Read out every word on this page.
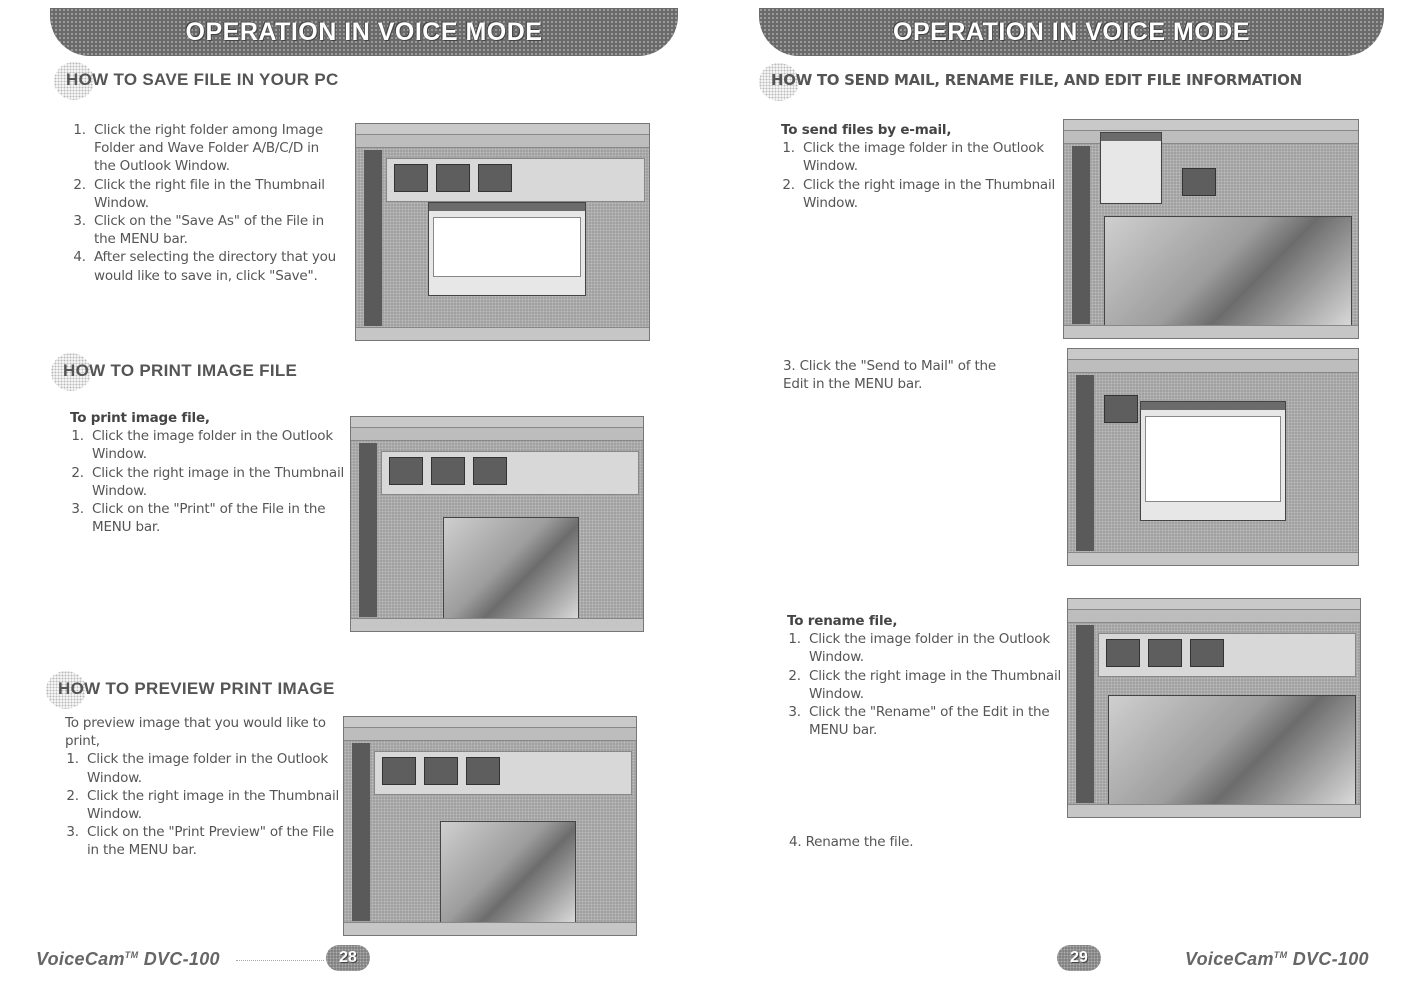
OPERATION IN VOICE MODE
HOW TO SAVE FILE IN YOUR PC
1. Click the right folder among Image Folder and Wave Folder A/B/C/D in the Outlook Window.
2. Click the right file in the Thumbnail Window.
3. Click on the "Save As" of the File in the MENU bar.
4. After selecting the directory that you would like to save in, click "Save".
HOW TO PRINT IMAGE FILE
To print image file,
1. Click the image folder in the Outlook Window.
2. Click the right image in the Thumbnail Window.
3. Click on the "Print" of the File in the MENU bar.
HOW TO PREVIEW PRINT IMAGE
To preview image that you would like to print,
1. Click the image folder in the Outlook Window.
2. Click the right image in the Thumbnail Window.
3. Click on the "Print Preview" of the File in the MENU bar.
VoiceCam™ DVC-100	28
OPERATION IN VOICE MODE
HOW TO SEND MAIL, RENAME FILE, AND EDIT FILE INFORMATION
To send files by e-mail,
1. Click the image folder in the Outlook Window.
2. Click the right image in the Thumbnail Window.
3. Click the "Send to Mail" of the Edit in the MENU bar.
To rename file,
1. Click the image folder in the Outlook Window.
2. Click the right image in the Thumbnail Window.
3. Click the "Rename" of the Edit in the MENU bar.
4. Rename the file.
29	VoiceCam™ DVC-100
